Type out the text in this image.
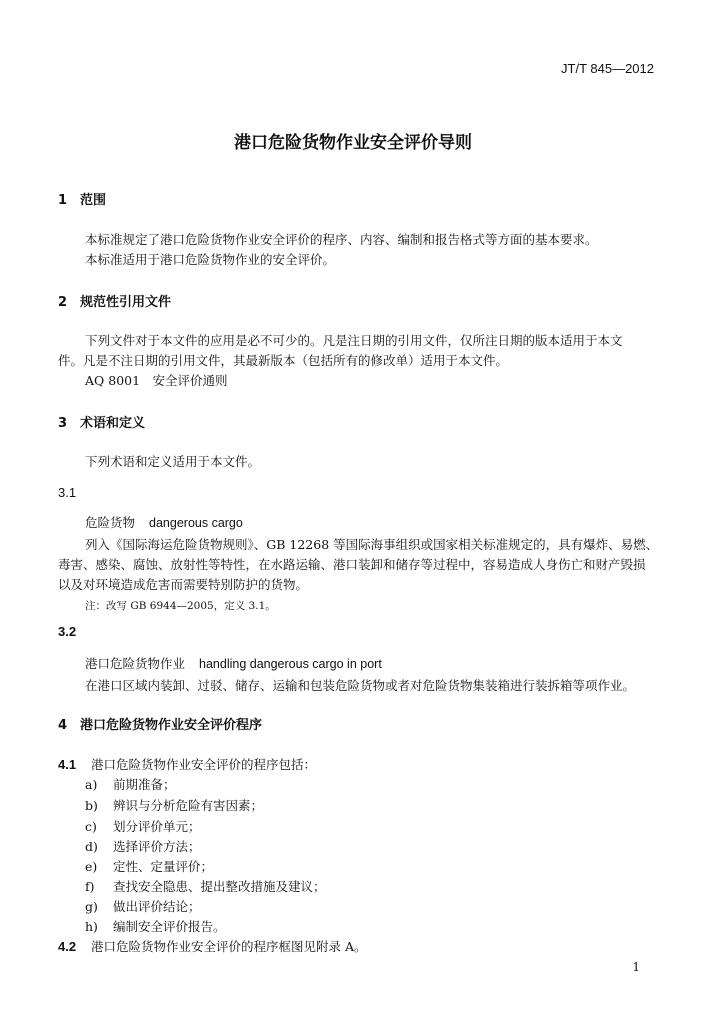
JT/T 845—2012
港口危险货物作业安全评价导则
1 范围
本标准规定了港口危险货物作业安全评价的程序、内容、编制和报告格式等方面的基本要求。
本标准适用于港口危险货物作业的安全评价。
2 规范性引用文件
下列文件对于本文件的应用是必不可少的。凡是注日期的引用文件，仅所注日期的版本适用于本文
件。凡是不注日期的引用文件，其最新版本（包括所有的修改单）适用于本文件。
AQ 8001　安全评价通则
3 术语和定义
下列术语和定义适用于本文件。
3.1
危险货物 dangerous cargo
列入《国际海运危险货物规则》、GB 12268 等国际海事组织或国家相关标准规定的，具有爆炸、易燃、
毒害、感染、腐蚀、放射性等特性，在水路运输、港口装卸和储存等过程中，容易造成人身伤亡和财产毁损
以及对环境造成危害而需要特别防护的货物。
注：改写 GB 6944—2005，定义 3.1。
3.2
港口危险货物作业 handling dangerous cargo in port
在港口区域内装卸、过驳、储存、运输和包装危险货物或者对危险货物集装箱进行装拆箱等项作业。
4 港口危险货物作业安全评价程序
4.1 港口危险货物作业安全评价的程序包括：
a) 前期准备；
b) 辨识与分析危险有害因素；
c) 划分评价单元；
d) 选择评价方法；
e) 定性、定量评价；
f) 查找安全隐患、提出整改措施及建议；
g) 做出评价结论；
h) 编制安全评价报告。
4.2 港口危险货物作业安全评价的程序框图见附录 A。
1
